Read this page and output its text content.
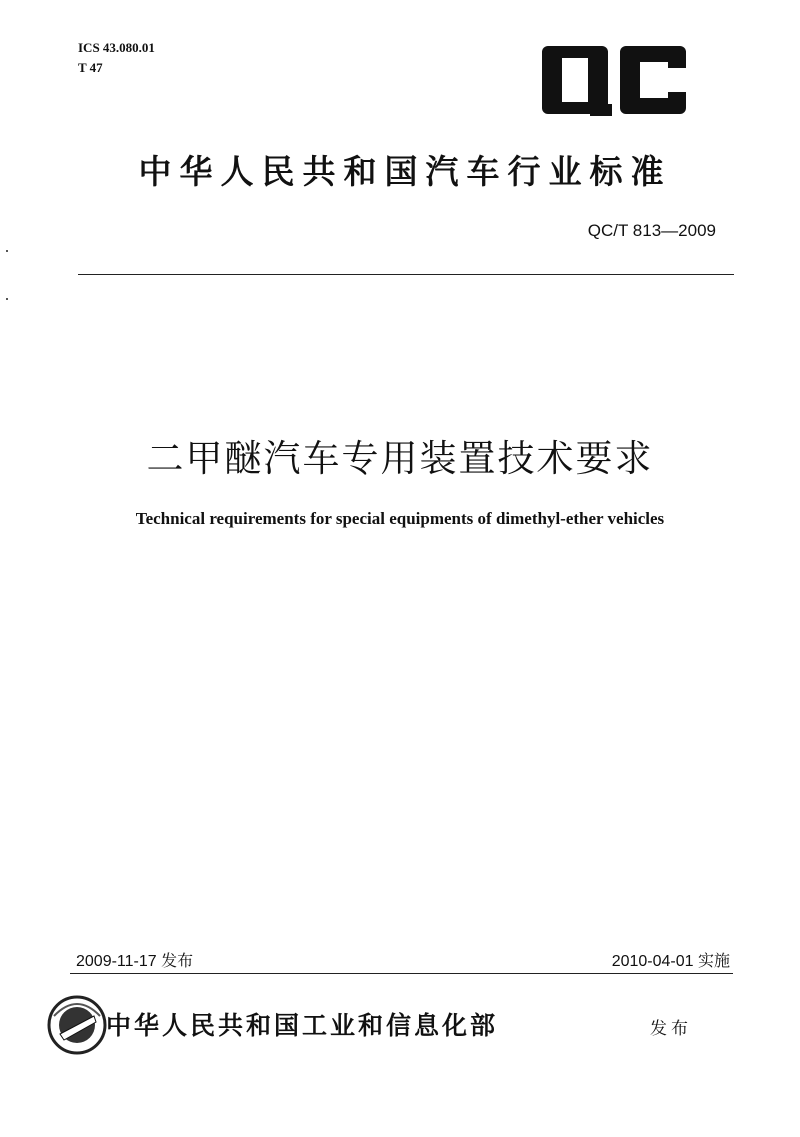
ICS 43.080.01
T 47
中华人民共和国汽车行业标准
QC/T 813—2009
二甲醚汽车专用装置技术要求
Technical requirements for special equipments of dimethyl-ether vehicles
2009-11-17 发布	2010-04-01 实施
中华人民共和国工业和信息化部	发布
